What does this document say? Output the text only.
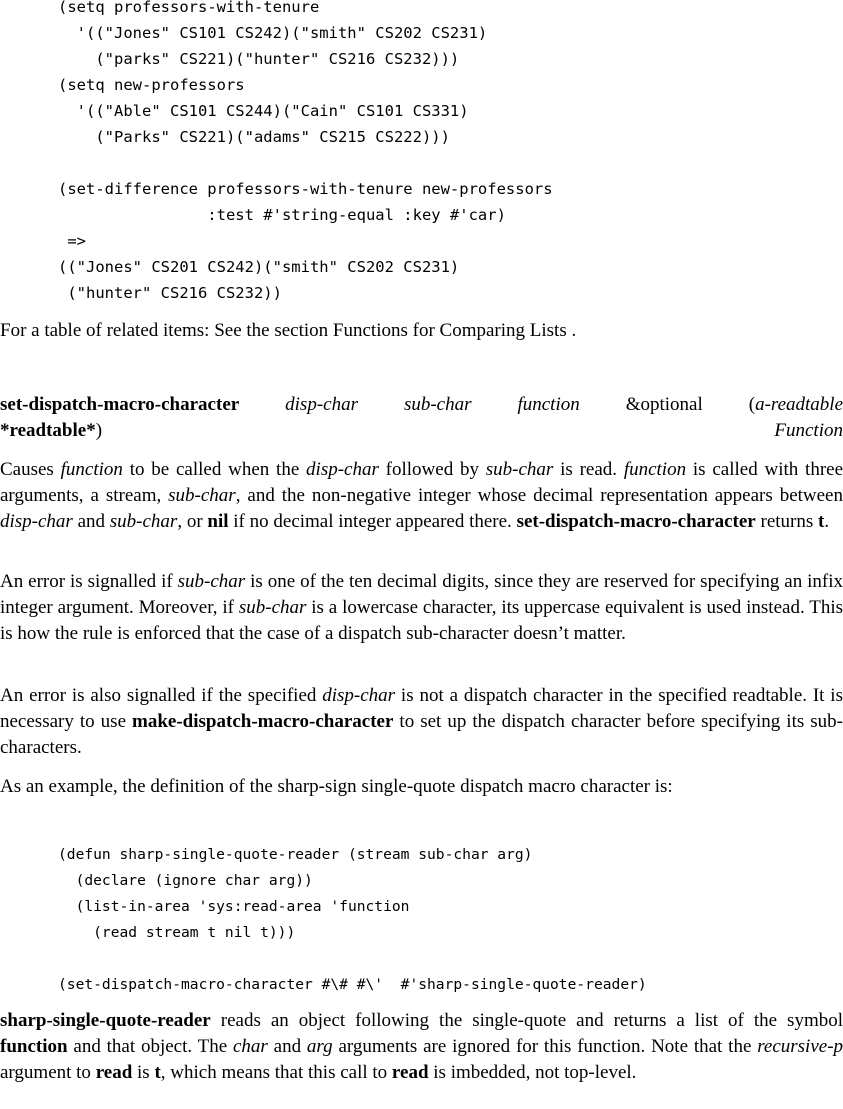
(setq professors-with-tenure
'(("Jones" CS101 CS242)("smith" CS202 CS231)
("parks" CS221)("hunter" CS216 CS232)))
(setq new-professors
'(("Able" CS101 CS244)("Cain" CS101 CS331)
("Parks" CS221)("adams" CS215 CS222)))

(set-difference professors-with-tenure new-professors
:test #'string-equal :key #'car)
=>
(("Jones" CS201 CS242)("smith" CS202 CS231)
("hunter" CS216 CS232))
For a table of related items: See the section Functions for Comparing Lists .
set-dispatch-macro-character disp-char sub-char function &optional (a-readtable
*readtable*)	Function
Causes function to be called when the disp-char followed by sub-char is read. function is called with three arguments, a stream, sub-char, and the non-negative integer whose decimal representation appears between disp-char and sub-char, or nil if no decimal integer appeared there. set-dispatch-macro-character returns t.
An error is signalled if sub-char is one of the ten decimal digits, since they are reserved for specifying an infix integer argument. Moreover, if sub-char is a lowercase character, its uppercase equivalent is used instead. This is how the rule is enforced that the case of a dispatch sub-character doesn’t matter.
An error is also signalled if the specified disp-char is not a dispatch character in the specified readtable. It is necessary to use make-dispatch-macro-character to set up the dispatch character before specifying its sub-characters.
As an example, the definition of the sharp-sign single-quote dispatch macro character is:
(defun sharp-single-quote-reader (stream sub-char arg)
(declare (ignore char arg))
(list-in-area 'sys:read-area 'function
(read stream t nil t)))

(set-dispatch-macro-character #\# #\'  #'sharp-single-quote-reader)
sharp-single-quote-reader reads an object following the single-quote and returns a list of the symbol function and that object. The char and arg arguments are ignored for this function. Note that the recursive-p argument to read is t, which means that this call to read is imbedded, not top-level.
